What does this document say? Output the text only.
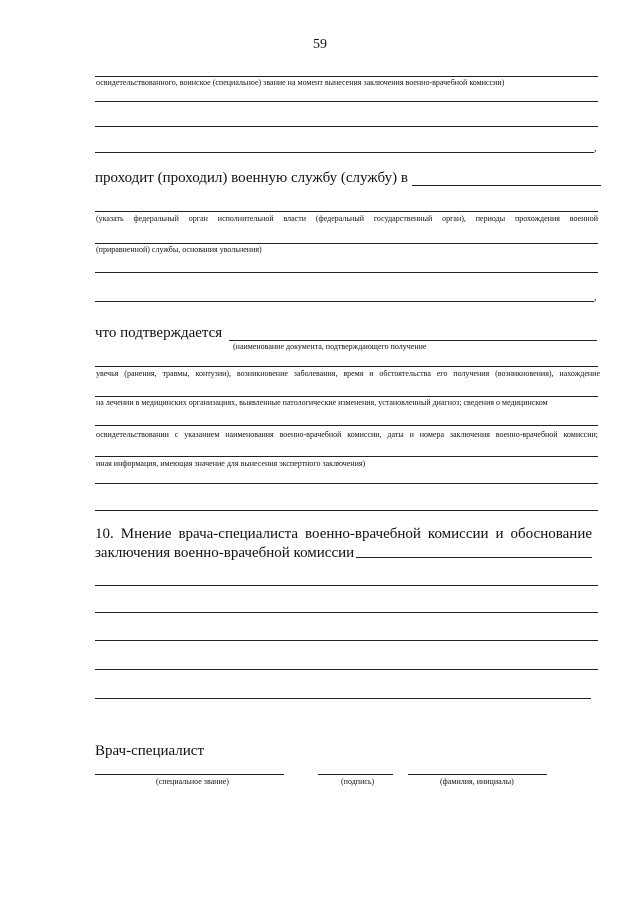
59
освидетельствованного, воинское (специальное) звание на момент вынесения заключения военно-врачебной комиссии)
,
проходит (проходил) военную службу (службу) в
(указать федеральный орган исполнительной власти (федеральный государственный орган), периоды прохождения военной
(приравненной) службы, основания увольнения)
,
что подтверждается
(наименование документа, подтверждающего получение
увечья (ранения, травмы, контузии), возникновение заболевания, время и обстоятельства его получения (возникновения), нахождение
на лечении в медицинских организациях, выявленные патологические изменения, установленный диагноз; сведения о медицинском
освидетельствовании с указанием наименования военно-врачебной комиссии, даты и номера заключения военно-врачебной комиссии;
иная информация, имеющая значение для вынесения экспертного заключения)
10. Мнение врача-специалиста военно-врачебной комиссии и обоснование
заключения военно-врачебной комиссии
Врач-специалист
(специальное звание)	(подпись)	(фамилия, инициалы)
